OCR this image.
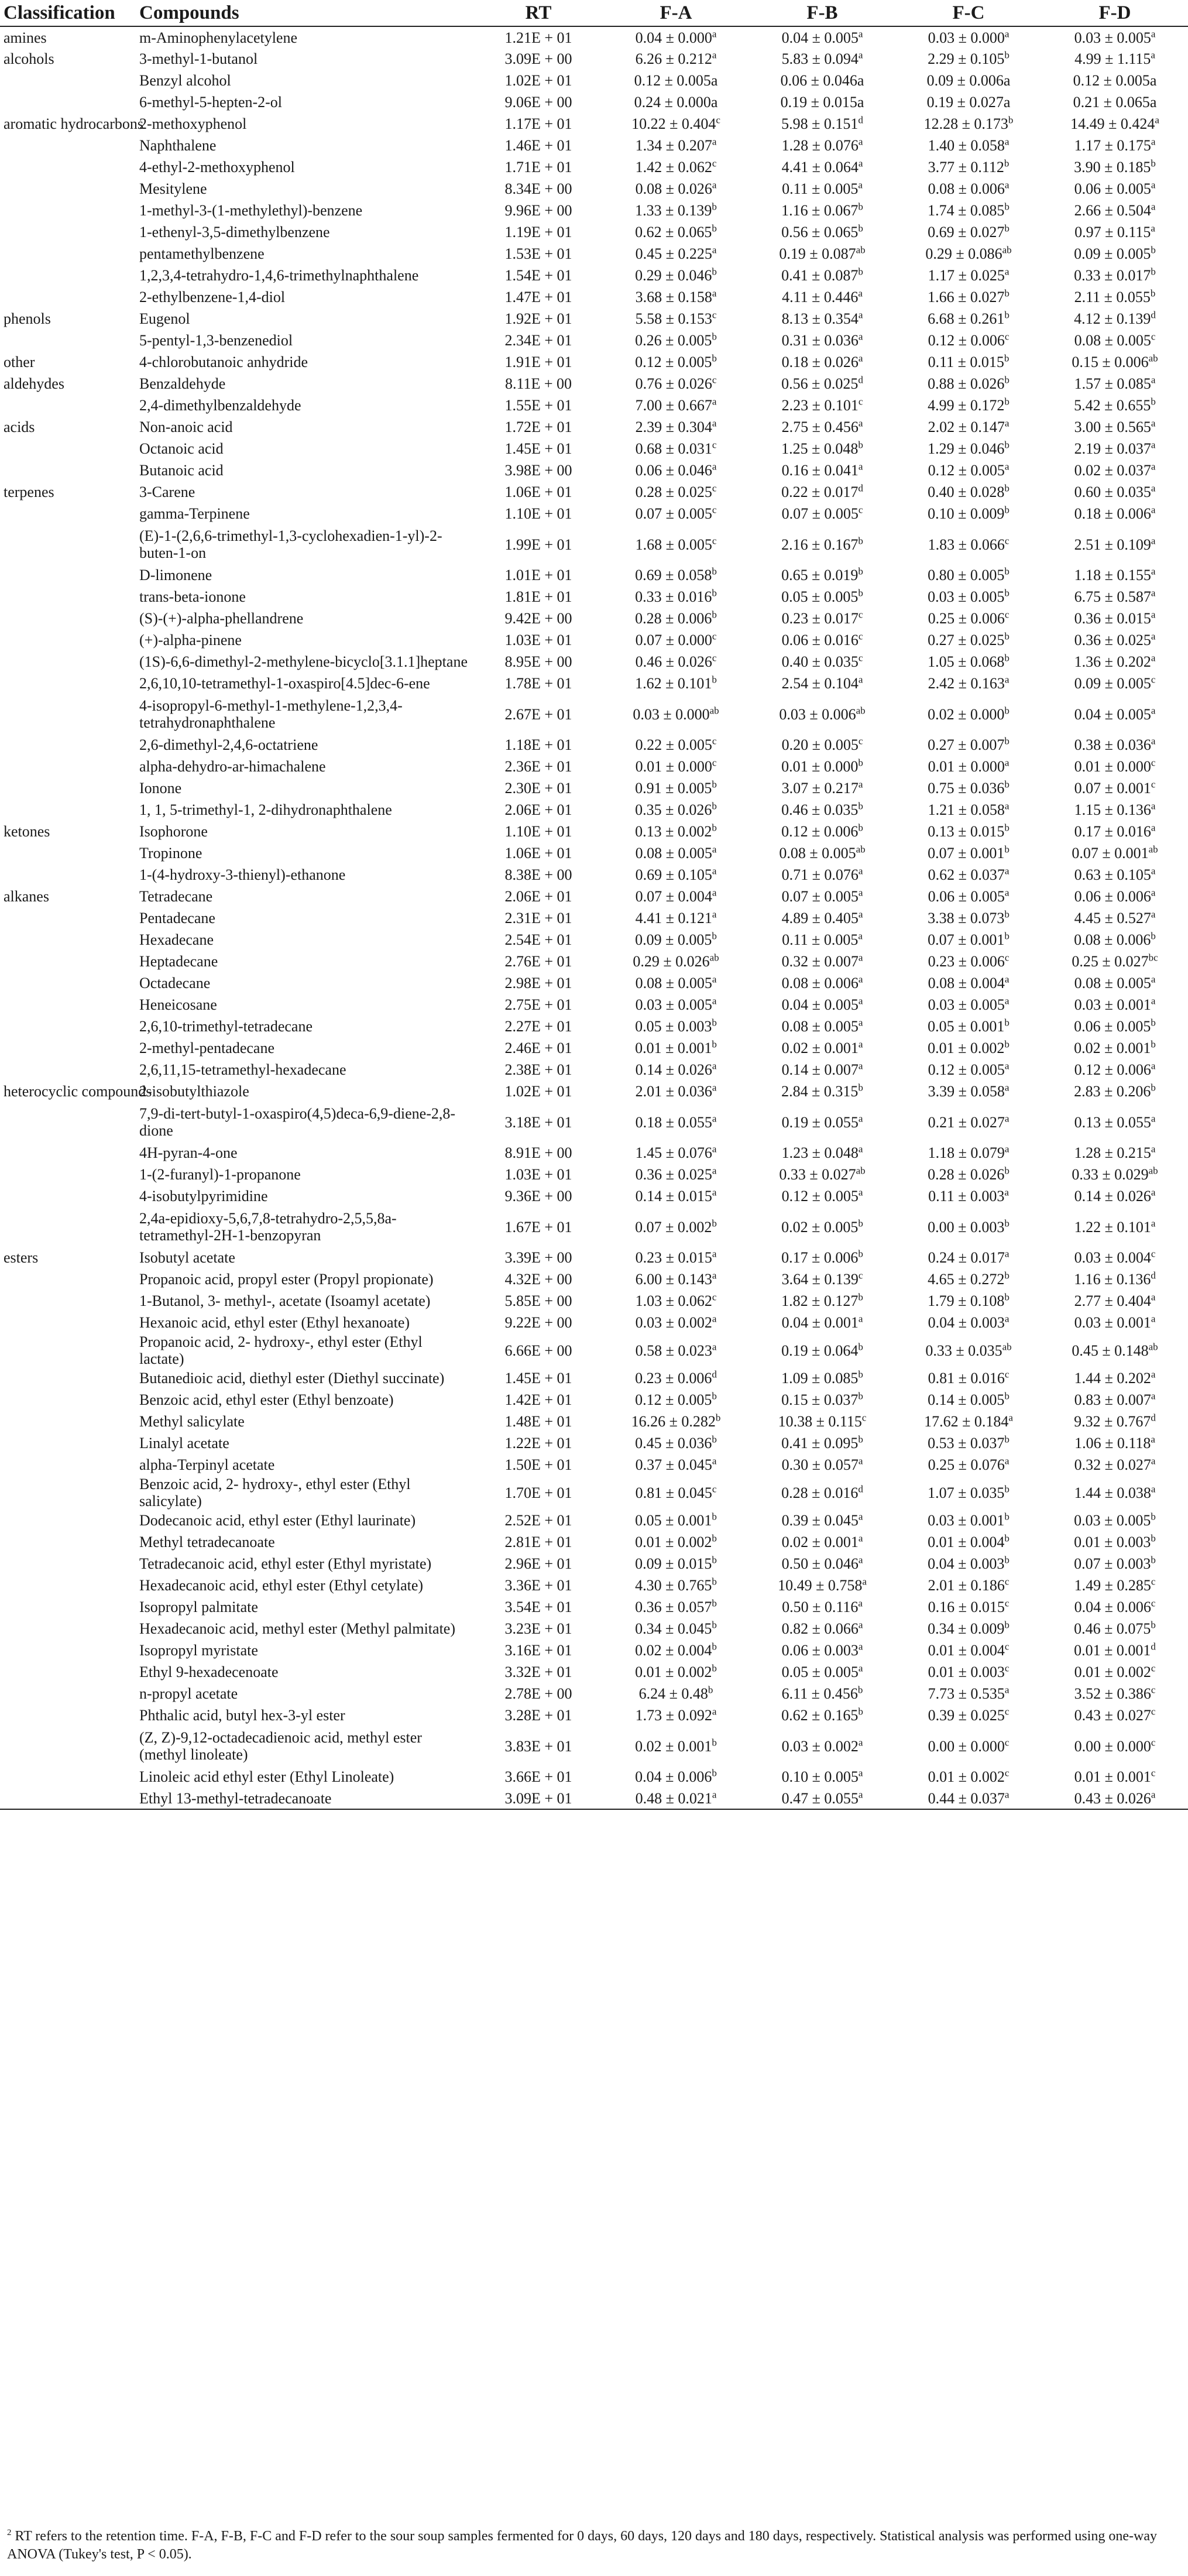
Classification	Compounds	RT	F-A	F-B	F-C	F-D
amines	m-Aminophenylacetylene	1.21E + 01	0.04 ± 0.000$^a$	0.04 ± 0.005$^a$	0.03 ± 0.000$^a$	0.03 ± 0.005$^a$
alcohols	3-methyl-1-butanol	3.09E + 00	6.26 ± 0.212$^a$	5.83 ± 0.094$^a$	2.29 ± 0.105$^b$	4.99 ± 1.115$^a$
	Benzyl alcohol	1.02E + 01	0.12 ± 0.005a	0.06 ± 0.046a	0.09 ± 0.006a	0.12 ± 0.005a
	6-methyl-5-hepten-2-ol	9.06E + 00	0.24 ± 0.000a	0.19 ± 0.015a	0.19 ± 0.027a	0.21 ± 0.065a
aromatic hydrocarbons	2-methoxyphenol	1.17E + 01	10.22 ± 0.404$^c$	5.98 ± 0.151$^d$	12.28 ± 0.173$^b$	14.49 ± 0.424$^a$
	Naphthalene	1.46E + 01	1.34 ± 0.207$^a$	1.28 ± 0.076$^a$	1.40 ± 0.058$^a$	1.17 ± 0.175$^a$
	4-ethyl-2-methoxyphenol	1.71E + 01	1.42 ± 0.062$^c$	4.41 ± 0.064$^a$	3.77 ± 0.112$^b$	3.90 ± 0.185$^b$
	Mesitylene	8.34E + 00	0.08 ± 0.026$^a$	0.11 ± 0.005$^a$	0.08 ± 0.006$^a$	0.06 ± 0.005$^a$
	1-methyl-3-(1-methylethyl)-benzene	9.96E + 00	1.33 ± 0.139$^b$	1.16 ± 0.067$^b$	1.74 ± 0.085$^b$	2.66 ± 0.504$^a$
	1-ethenyl-3,5-dimethylbenzene	1.19E + 01	0.62 ± 0.065$^b$	0.56 ± 0.065$^b$	0.69 ± 0.027$^b$	0.97 ± 0.115$^a$
	pentamethylbenzene	1.53E + 01	0.45 ± 0.225$^a$	0.19 ± 0.087$^{ab}$	0.29 ± 0.086$^{ab}$	0.09 ± 0.005$^b$
	1,2,3,4-tetrahydro-1,4,6-trimethylnaphthalene	1.54E + 01	0.29 ± 0.046$^b$	0.41 ± 0.087$^b$	1.17 ± 0.025$^a$	0.33 ± 0.017$^b$
	2-ethylbenzene-1,4-diol	1.47E + 01	3.68 ± 0.158$^a$	4.11 ± 0.446$^a$	1.66 ± 0.027$^b$	2.11 ± 0.055$^b$
phenols	Eugenol	1.92E + 01	5.58 ± 0.153$^c$	8.13 ± 0.354$^a$	6.68 ± 0.261$^b$	4.12 ± 0.139$^d$
	5-pentyl-1,3-benzenediol	2.34E + 01	0.26 ± 0.005$^b$	0.31 ± 0.036$^a$	0.12 ± 0.006$^c$	0.08 ± 0.005$^c$
other	4-chlorobutanoic anhydride	1.91E + 01	0.12 ± 0.005$^b$	0.18 ± 0.026$^a$	0.11 ± 0.015$^b$	0.15 ± 0.006$^{ab}$
aldehydes	Benzaldehyde	8.11E + 00	0.76 ± 0.026$^c$	0.56 ± 0.025$^d$	0.88 ± 0.026$^b$	1.57 ± 0.085$^a$
	2,4-dimethylbenzaldehyde	1.55E + 01	7.00 ± 0.667$^a$	2.23 ± 0.101$^c$	4.99 ± 0.172$^b$	5.42 ± 0.655$^b$
acids	Non-anoic acid	1.72E + 01	2.39 ± 0.304$^a$	2.75 ± 0.456$^a$	2.02 ± 0.147$^a$	3.00 ± 0.565$^a$
	Octanoic acid	1.45E + 01	0.68 ± 0.031$^c$	1.25 ± 0.048$^b$	1.29 ± 0.046$^b$	2.19 ± 0.037$^a$
	Butanoic acid	3.98E + 00	0.06 ± 0.046$^a$	0.16 ± 0.041$^a$	0.12 ± 0.005$^a$	0.02 ± 0.037$^a$
terpenes	3-Carene	1.06E + 01	0.28 ± 0.025$^c$	0.22 ± 0.017$^d$	0.40 ± 0.028$^b$	0.60 ± 0.035$^a$
	gamma-Terpinene	1.10E + 01	0.07 ± 0.005$^c$	0.07 ± 0.005$^c$	0.10 ± 0.009$^b$	0.18 ± 0.006$^a$
	(E)-1-(2,6,6-trimethyl-1,3-cyclohexadien-1-yl)-2-buten-1-on	1.99E + 01	1.68 ± 0.005$^c$	2.16 ± 0.167$^b$	1.83 ± 0.066$^c$	2.51 ± 0.109$^a$
	D-limonene	1.01E + 01	0.69 ± 0.058$^b$	0.65 ± 0.019$^b$	0.80 ± 0.005$^b$	1.18 ± 0.155$^a$
	trans-beta-ionone	1.81E + 01	0.33 ± 0.016$^b$	0.05 ± 0.005$^b$	0.03 ± 0.005$^b$	6.75 ± 0.587$^a$
	(S)-(+)-alpha-phellandrene	9.42E + 00	0.28 ± 0.006$^b$	0.23 ± 0.017$^c$	0.25 ± 0.006$^c$	0.36 ± 0.015$^a$
	(+)-alpha-pinene	1.03E + 01	0.07 ± 0.000$^c$	0.06 ± 0.016$^c$	0.27 ± 0.025$^b$	0.36 ± 0.025$^a$
	(1S)-6,6-dimethyl-2-methylene-bicyclo[3.1.1]heptane	8.95E + 00	0.46 ± 0.026$^c$	0.40 ± 0.035$^c$	1.05 ± 0.068$^b$	1.36 ± 0.202$^a$
	2,6,10,10-tetramethyl-1-oxaspiro[4.5]dec-6-ene	1.78E + 01	1.62 ± 0.101$^b$	2.54 ± 0.104$^a$	2.42 ± 0.163$^a$	0.09 ± 0.005$^c$
	4-isopropyl-6-methyl-1-methylene-1,2,3,4-tetrahydronaphthalene	2.67E + 01	0.03 ± 0.000$^{ab}$	0.03 ± 0.006$^{ab}$	0.02 ± 0.000$^b$	0.04 ± 0.005$^a$
	2,6-dimethyl-2,4,6-octatriene	1.18E + 01	0.22 ± 0.005$^c$	0.20 ± 0.005$^c$	0.27 ± 0.007$^b$	0.38 ± 0.036$^a$
	alpha-dehydro-ar-himachalene	2.36E + 01	0.01 ± 0.000$^c$	0.01 ± 0.000$^b$	0.01 ± 0.000$^a$	0.01 ± 0.000$^c$
	Ionone	2.30E + 01	0.91 ± 0.005$^b$	3.07 ± 0.217$^a$	0.75 ± 0.036$^b$	0.07 ± 0.001$^c$
	1, 1, 5-trimethyl-1, 2-dihydronaphthalene	2.06E + 01	0.35 ± 0.026$^b$	0.46 ± 0.035$^b$	1.21 ± 0.058$^a$	1.15 ± 0.136$^a$
ketones	Isophorone	1.10E + 01	0.13 ± 0.002$^b$	0.12 ± 0.006$^b$	0.13 ± 0.015$^b$	0.17 ± 0.016$^a$
	Tropinone	1.06E + 01	0.08 ± 0.005$^a$	0.08 ± 0.005$^{ab}$	0.07 ± 0.001$^b$	0.07 ± 0.001$^{ab}$
	1-(4-hydroxy-3-thienyl)-ethanone	8.38E + 00	0.69 ± 0.105$^a$	0.71 ± 0.076$^a$	0.62 ± 0.037$^a$	0.63 ± 0.105$^a$
alkanes	Tetradecane	2.06E + 01	0.07 ± 0.004$^a$	0.07 ± 0.005$^a$	0.06 ± 0.005$^a$	0.06 ± 0.006$^a$
	Pentadecane	2.31E + 01	4.41 ± 0.121$^a$	4.89 ± 0.405$^a$	3.38 ± 0.073$^b$	4.45 ± 0.527$^a$
	Hexadecane	2.54E + 01	0.09 ± 0.005$^b$	0.11 ± 0.005$^a$	0.07 ± 0.001$^b$	0.08 ± 0.006$^b$
	Heptadecane	2.76E + 01	0.29 ± 0.026$^{ab}$	0.32 ± 0.007$^a$	0.23 ± 0.006$^c$	0.25 ± 0.027$^{bc}$
	Octadecane	2.98E + 01	0.08 ± 0.005$^a$	0.08 ± 0.006$^a$	0.08 ± 0.004$^a$	0.08 ± 0.005$^a$
	Heneicosane	2.75E + 01	0.03 ± 0.005$^a$	0.04 ± 0.005$^a$	0.03 ± 0.005$^a$	0.03 ± 0.001$^a$
	2,6,10-trimethyl-tetradecane	2.27E + 01	0.05 ± 0.003$^b$	0.08 ± 0.005$^a$	0.05 ± 0.001$^b$	0.06 ± 0.005$^b$
	2-methyl-pentadecane	2.46E + 01	0.01 ± 0.001$^b$	0.02 ± 0.001$^a$	0.01 ± 0.002$^b$	0.02 ± 0.001$^b$
	2,6,11,15-tetramethyl-hexadecane	2.38E + 01	0.14 ± 0.026$^a$	0.14 ± 0.007$^a$	0.12 ± 0.005$^a$	0.12 ± 0.006$^a$
heterocyclic compounds	2-isobutylthiazole	1.02E + 01	2.01 ± 0.036$^a$	2.84 ± 0.315$^b$	3.39 ± 0.058$^a$	2.83 ± 0.206$^b$
	7,9-di-tert-butyl-1-oxaspiro(4,5)deca-6,9-diene-2,8-dione	3.18E + 01	0.18 ± 0.055$^a$	0.19 ± 0.055$^a$	0.21 ± 0.027$^a$	0.13 ± 0.055$^a$
	4H-pyran-4-one	8.91E + 00	1.45 ± 0.076$^a$	1.23 ± 0.048$^a$	1.18 ± 0.079$^a$	1.28 ± 0.215$^a$
	1-(2-furanyl)-1-propanone	1.03E + 01	0.36 ± 0.025$^a$	0.33 ± 0.027$^{ab}$	0.28 ± 0.026$^b$	0.33 ± 0.029$^{ab}$
	4-isobutylpyrimidine	9.36E + 00	0.14 ± 0.015$^a$	0.12 ± 0.005$^a$	0.11 ± 0.003$^a$	0.14 ± 0.026$^a$
	2,4a-epidioxy-5,6,7,8-tetrahydro-2,5,5,8a-tetramethyl-2H-1-benzopyran	1.67E + 01	0.07 ± 0.002$^b$	0.02 ± 0.005$^b$	0.00 ± 0.003$^b$	1.22 ± 0.101$^a$
esters	Isobutyl acetate	3.39E + 00	0.23 ± 0.015$^a$	0.17 ± 0.006$^b$	0.24 ± 0.017$^a$	0.03 ± 0.004$^c$
	Propanoic acid, propyl ester (Propyl propionate)	4.32E + 00	6.00 ± 0.143$^a$	3.64 ± 0.139$^c$	4.65 ± 0.272$^b$	1.16 ± 0.136$^d$
	1-Butanol, 3- methyl-, acetate (Isoamyl acetate)	5.85E + 00	1.03 ± 0.062$^c$	1.82 ± 0.127$^b$	1.79 ± 0.108$^b$	2.77 ± 0.404$^a$
	Hexanoic acid, ethyl ester (Ethyl hexanoate)	9.22E + 00	0.03 ± 0.002$^a$	0.04 ± 0.001$^a$	0.04 ± 0.003$^a$	0.03 ± 0.001$^a$
	Propanoic acid, 2- hydroxy-, ethyl ester (Ethyl lactate)	6.66E + 00	0.58 ± 0.023$^a$	0.19 ± 0.064$^b$	0.33 ± 0.035$^{ab}$	0.45 ± 0.148$^{ab}$
	Butanedioic acid, diethyl ester (Diethyl succinate)	1.45E + 01	0.23 ± 0.006$^d$	1.09 ± 0.085$^b$	0.81 ± 0.016$^c$	1.44 ± 0.202$^a$
	Benzoic acid, ethyl ester (Ethyl benzoate)	1.42E + 01	0.12 ± 0.005$^b$	0.15 ± 0.037$^b$	0.14 ± 0.005$^b$	0.83 ± 0.007$^a$
	Methyl salicylate	1.48E + 01	16.26 ± 0.282$^b$	10.38 ± 0.115$^c$	17.62 ± 0.184$^a$	9.32 ± 0.767$^d$
	Linalyl acetate	1.22E + 01	0.45 ± 0.036$^b$	0.41 ± 0.095$^b$	0.53 ± 0.037$^b$	1.06 ± 0.118$^a$
	alpha-Terpinyl acetate	1.50E + 01	0.37 ± 0.045$^a$	0.30 ± 0.057$^a$	0.25 ± 0.076$^a$	0.32 ± 0.027$^a$
	Benzoic acid, 2- hydroxy-, ethyl ester (Ethyl salicylate)	1.70E + 01	0.81 ± 0.045$^c$	0.28 ± 0.016$^d$	1.07 ± 0.035$^b$	1.44 ± 0.038$^a$
	Dodecanoic acid, ethyl ester (Ethyl laurinate)	2.52E + 01	0.05 ± 0.001$^b$	0.39 ± 0.045$^a$	0.03 ± 0.001$^b$	0.03 ± 0.005$^b$
	Methyl tetradecanoate	2.81E + 01	0.01 ± 0.002$^b$	0.02 ± 0.001$^a$	0.01 ± 0.004$^b$	0.01 ± 0.003$^b$
	Tetradecanoic acid, ethyl ester (Ethyl myristate)	2.96E + 01	0.09 ± 0.015$^b$	0.50 ± 0.046$^a$	0.04 ± 0.003$^b$	0.07 ± 0.003$^b$
	Hexadecanoic acid, ethyl ester (Ethyl cetylate)	3.36E + 01	4.30 ± 0.765$^b$	10.49 ± 0.758$^a$	2.01 ± 0.186$^c$	1.49 ± 0.285$^c$
	Isopropyl palmitate	3.54E + 01	0.36 ± 0.057$^b$	0.50 ± 0.116$^a$	0.16 ± 0.015$^c$	0.04 ± 0.006$^c$
	Hexadecanoic acid, methyl ester (Methyl palmitate)	3.23E + 01	0.34 ± 0.045$^b$	0.82 ± 0.066$^a$	0.34 ± 0.009$^b$	0.46 ± 0.075$^b$
	Isopropyl myristate	3.16E + 01	0.02 ± 0.004$^b$	0.06 ± 0.003$^a$	0.01 ± 0.004$^c$	0.01 ± 0.001$^d$
	Ethyl 9-hexadecenoate	3.32E + 01	0.01 ± 0.002$^b$	0.05 ± 0.005$^a$	0.01 ± 0.003$^c$	0.01 ± 0.002$^c$
	n-propyl acetate	2.78E + 00	6.24 ± 0.48$^b$	6.11 ± 0.456$^b$	7.73 ± 0.535$^a$	3.52 ± 0.386$^c$
	Phthalic acid, butyl hex-3-yl ester	3.28E + 01	1.73 ± 0.092$^a$	0.62 ± 0.165$^b$	0.39 ± 0.025$^c$	0.43 ± 0.027$^c$
	(Z, Z)-9,12-octadecadienoic acid, methyl ester (methyl linoleate)	3.83E + 01	0.02 ± 0.001$^b$	0.03 ± 0.002$^a$	0.00 ± 0.000$^c$	0.00 ± 0.000$^c$
	Linoleic acid ethyl ester (Ethyl Linoleate)	3.66E + 01	0.04 ± 0.006$^b$	0.10 ± 0.005$^a$	0.01 ± 0.002$^c$	0.01 ± 0.001$^c$
	Ethyl 13-methyl-tetradecanoate	3.09E + 01	0.48 ± 0.021$^a$	0.47 ± 0.055$^a$	0.44 ± 0.037$^a$	0.43 ± 0.026$^a$
$^2$ RT refers to the retention time. F-A, F-B, F-C and F-D refer to the sour soup samples fermented for 0 days, 60 days, 120 days and 180 days, respectively. Statistical analysis was performed using one-way ANOVA (Tukey's test, P < 0.05).
